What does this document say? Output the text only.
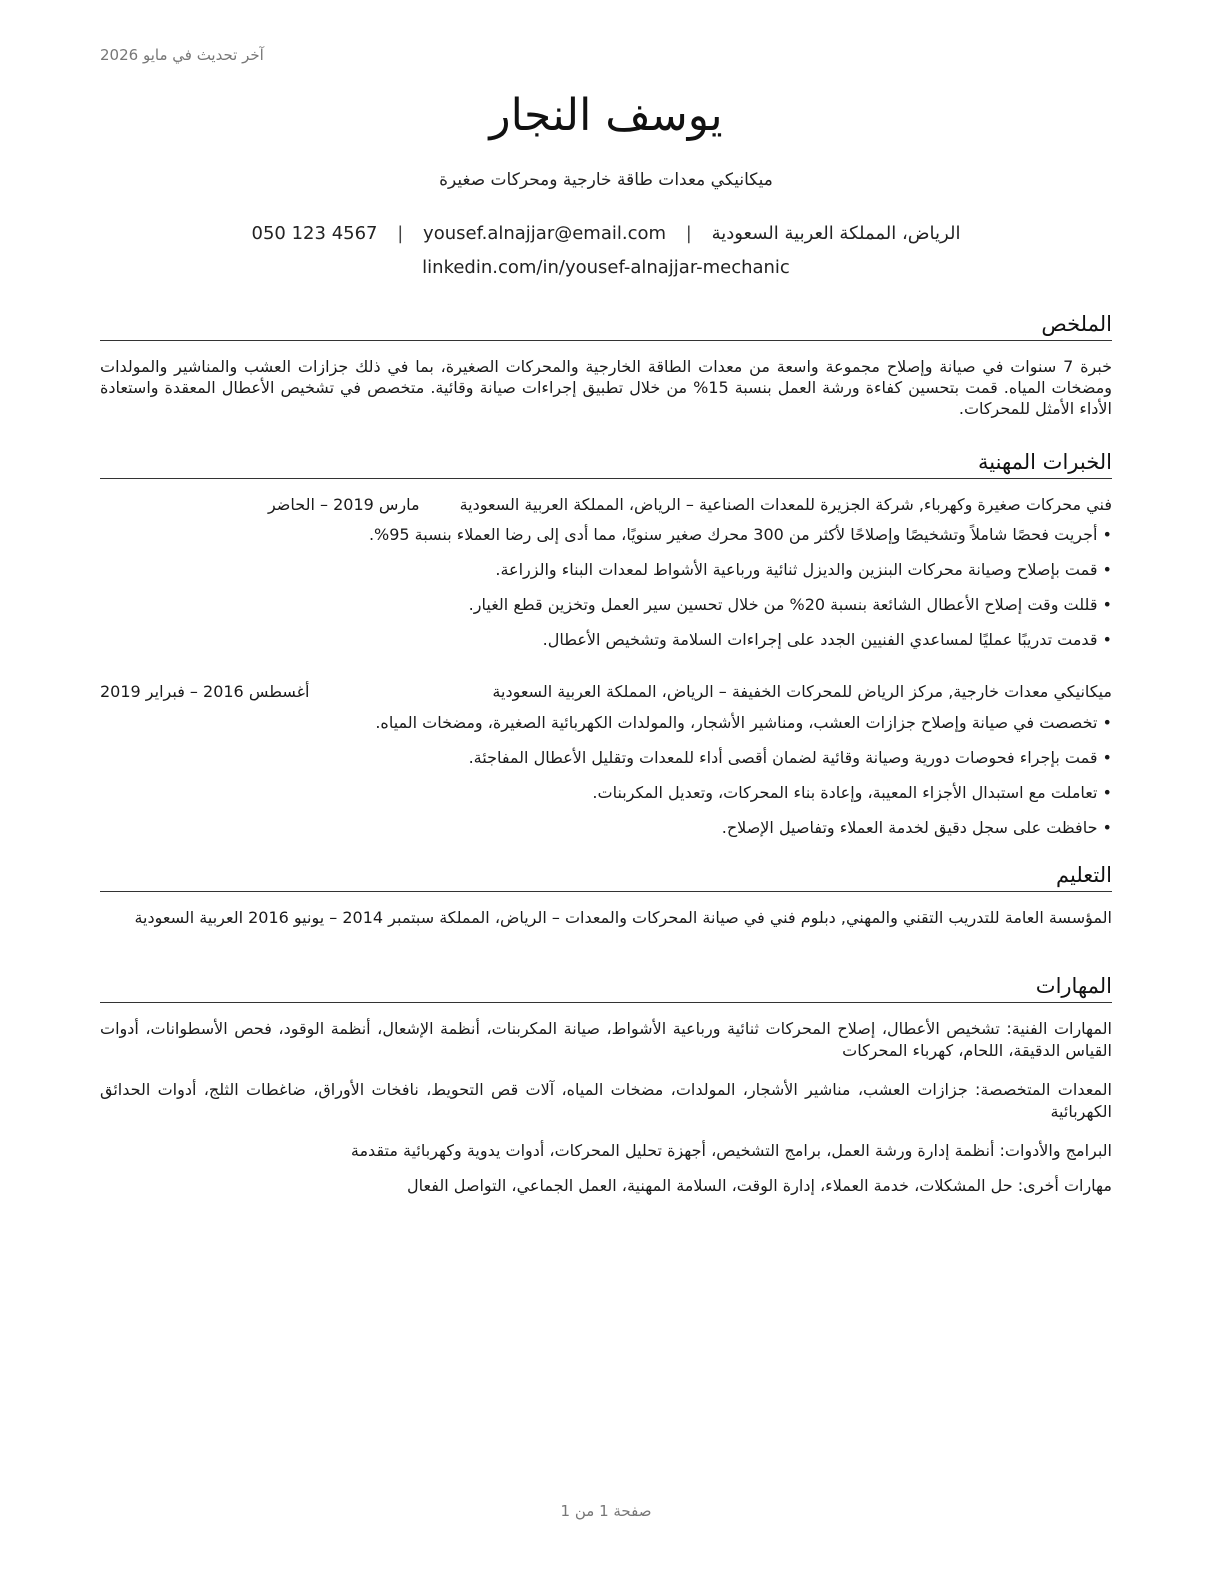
آخر تحديث في مايو 2026
يوسف النجار
ميكانيكي معدات طاقة خارجية ومحركات صغيرة
الرياض، المملكة العربية السعودية | yousef.alnajjar@email.com | 050 123 4567
linkedin.com/in/yousef-alnajjar-mechanic
الملخص
خبرة 7 سنوات في صيانة وإصلاح مجموعة واسعة من معدات الطاقة الخارجية والمحركات الصغيرة، بما في ذلك جزازات العشب والمناشير والمولدات ومضخات المياه. قمت بتحسين كفاءة ورشة العمل بنسبة 15% من خلال تطبيق إجراءات صيانة وقائية. متخصص في تشخيص الأعطال المعقدة واستعادة الأداء الأمثل للمحركات.
الخبرات المهنية
فني محركات صغيرة وكهرباء, شركة الجزيرة للمعدات الصناعية – الرياض، المملكة العربية السعودية
مارس 2019 – الحاضر
• أجريت فحصًا شاملاً وتشخيصًا وإصلاحًا لأكثر من 300 محرك صغير سنويًا، مما أدى إلى رضا العملاء بنسبة 95%.
• قمت بإصلاح وصيانة محركات البنزين والديزل ثنائية ورباعية الأشواط لمعدات البناء والزراعة.
• قللت وقت إصلاح الأعطال الشائعة بنسبة 20% من خلال تحسين سير العمل وتخزين قطع الغيار.
• قدمت تدريبًا عمليًا لمساعدي الفنيين الجدد على إجراءات السلامة وتشخيص الأعطال.
ميكانيكي معدات خارجية, مركز الرياض للمحركات الخفيفة – الرياض، المملكة العربية السعودية
أغسطس 2016 – فبراير 2019
• تخصصت في صيانة وإصلاح جزازات العشب، ومناشير الأشجار، والمولدات الكهربائية الصغيرة، ومضخات المياه.
• قمت بإجراء فحوصات دورية وصيانة وقائية لضمان أقصى أداء للمعدات وتقليل الأعطال المفاجئة.
• تعاملت مع استبدال الأجزاء المعيبة، وإعادة بناء المحركات، وتعديل المكربنات.
• حافظت على سجل دقيق لخدمة العملاء وتفاصيل الإصلاح.
التعليم
المؤسسة العامة للتدريب التقني والمهني, دبلوم فني في صيانة المحركات والمعدات – الرياض، المملكة سبتمبر 2014 – يونيو 2016 العربية السعودية
المهارات
المهارات الفنية: تشخيص الأعطال، إصلاح المحركات ثنائية ورباعية الأشواط، صيانة المكربنات، أنظمة الإشعال، أنظمة الوقود، فحص الأسطوانات، أدوات القياس الدقيقة، اللحام، كهرباء المحركات
المعدات المتخصصة: جزازات العشب، مناشير الأشجار، المولدات، مضخات المياه، آلات قص التحويط، نافخات الأوراق، ضاغطات الثلج، أدوات الحدائق الكهربائية
البرامج والأدوات: أنظمة إدارة ورشة العمل، برامج التشخيص، أجهزة تحليل المحركات، أدوات يدوية وكهربائية متقدمة
مهارات أخرى: حل المشكلات، خدمة العملاء، إدارة الوقت، السلامة المهنية، العمل الجماعي، التواصل الفعال
صفحة 1 من 1
